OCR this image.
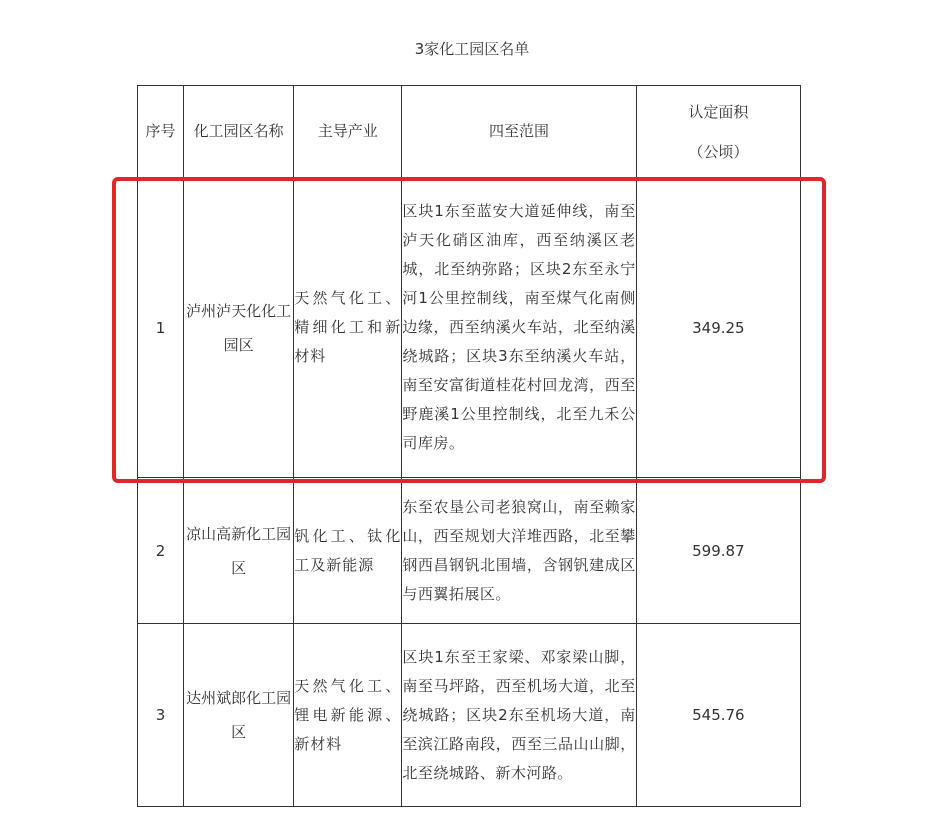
3家化工园区名单
序号	化工园区名称	主导产业	四至范围	认定面积
（公顷）

1	泸州泸天化化工园区	天然气化工、精细化工和新材料	区块1东至蓝安大道延伸线，南至泸天化硝区油库，西至纳溪区老城，北至纳弥路；区块2东至永宁河1公里控制线，南至煤气化南侧边缘，西至纳溪火车站，北至纳溪绕城路；区块3东至纳溪火车站，南至安富街道桂花村回龙湾，西至野鹿溪1公里控制线，北至九禾公司库房。	349.25
2	凉山高新化工园区	钒化工、钛化工及新能源	东至农垦公司老狼窝山，南至赖家山，西至规划大洋堆西路，北至攀钢西昌钢钒北围墙，含钢钒建成区与西翼拓展区。	599.87
3	达州斌郎化工园区	天然气化工、锂电新能源、新材料	区块1东至王家梁、邓家梁山脚，南至马坪路，西至机场大道，北至绕城路；区块2东至机场大道，南至滨江路南段，西至三品山山脚，北至绕城路、新木河路。	545.76
